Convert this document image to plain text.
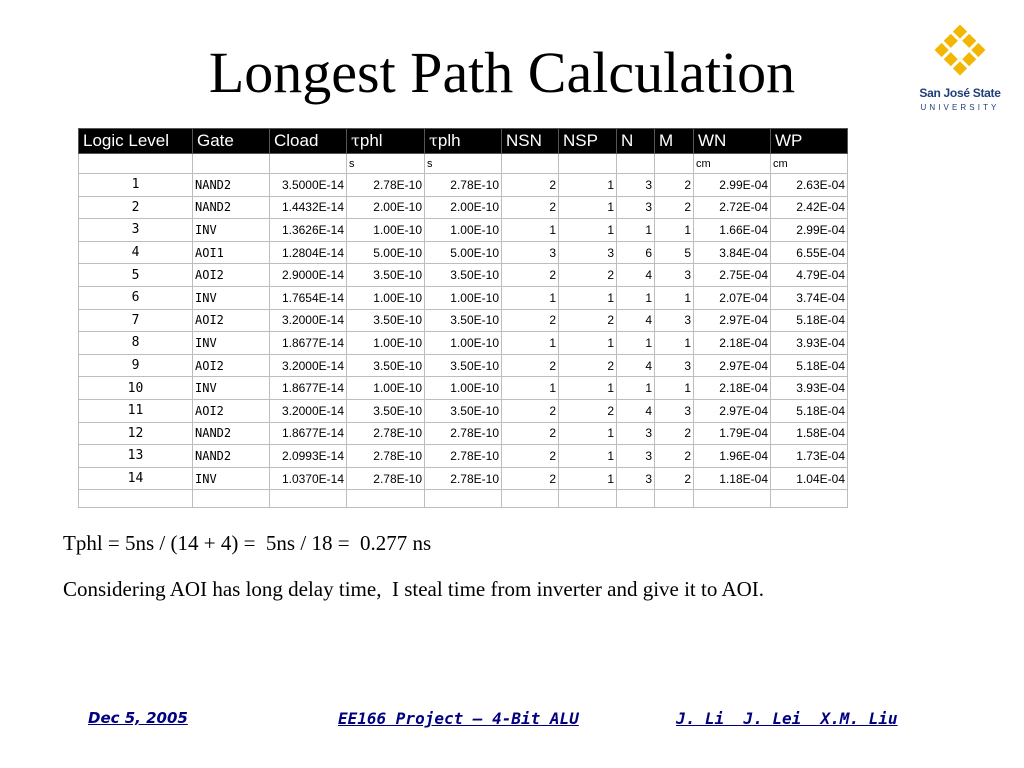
Longest Path Calculation	San José State
UNIVERSITY
Logic Level	Gate	Cload	τphl	τplh	NSN	NSP	N	M	WN	WP
			s	s					cm	cm
1	NAND2	3.5000E-14	2.78E-10	2.78E-10	2	1	3	2	2.99E-04	2.63E-04
2	NAND2	1.4432E-14	2.00E-10	2.00E-10	2	1	3	2	2.72E-04	2.42E-04
3	INV	1.3626E-14	1.00E-10	1.00E-10	1	1	1	1	1.66E-04	2.99E-04
4	AOI1	1.2804E-14	5.00E-10	5.00E-10	3	3	6	5	3.84E-04	6.55E-04
5	AOI2	2.9000E-14	3.50E-10	3.50E-10	2	2	4	3	2.75E-04	4.79E-04
6	INV	1.7654E-14	1.00E-10	1.00E-10	1	1	1	1	2.07E-04	3.74E-04
7	AOI2	3.2000E-14	3.50E-10	3.50E-10	2	2	4	3	2.97E-04	5.18E-04
8	INV	1.8677E-14	1.00E-10	1.00E-10	1	1	1	1	2.18E-04	3.93E-04
9	AOI2	3.2000E-14	3.50E-10	3.50E-10	2	2	4	3	2.97E-04	5.18E-04
10	INV	1.8677E-14	1.00E-10	1.00E-10	1	1	1	1	2.18E-04	3.93E-04
11	AOI2	3.2000E-14	3.50E-10	3.50E-10	2	2	4	3	2.97E-04	5.18E-04
12	NAND2	1.8677E-14	2.78E-10	2.78E-10	2	1	3	2	1.79E-04	1.58E-04
13	NAND2	2.0993E-14	2.78E-10	2.78E-10	2	1	3	2	1.96E-04	1.73E-04
14	INV	1.0370E-14	2.78E-10	2.78E-10	2	1	3	2	1.18E-04	1.04E-04

Tphl = 5ns / (14 + 4) =  5ns / 18 =  0.277 ns
Considering AOI has long delay time,  I steal time from inverter and give it to AOI.
Dec 5, 2005	EE166 Project – 4-Bit ALU	J. Li  J. Lei  X.M. Liu
